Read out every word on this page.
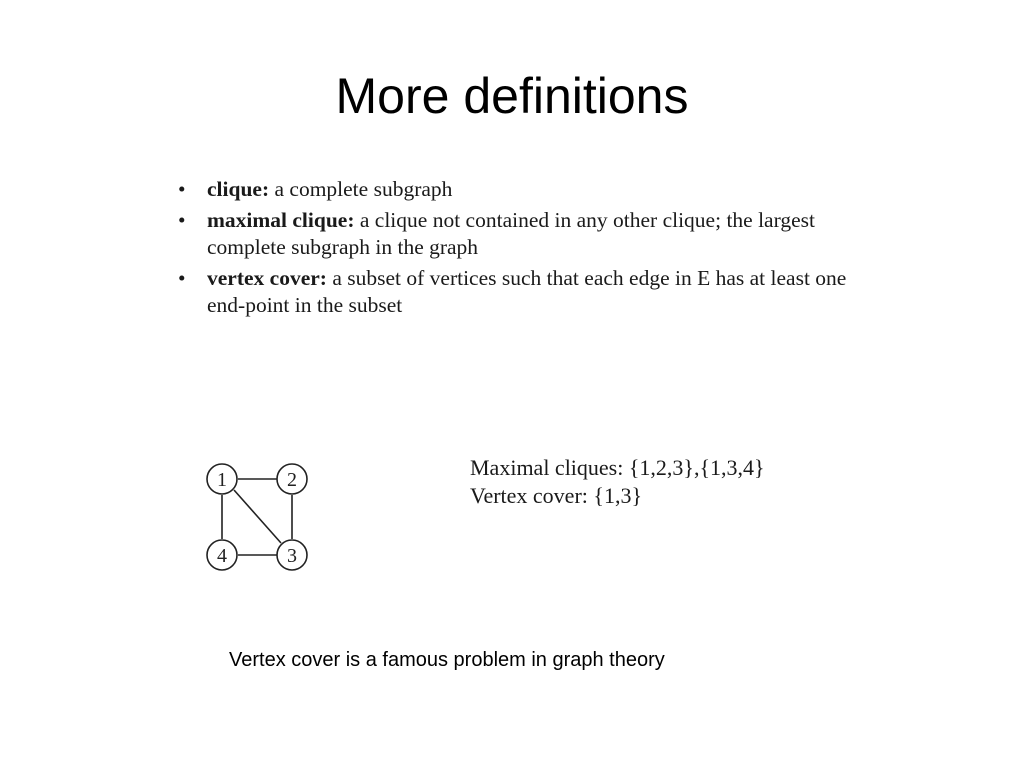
More definitions
• clique: a complete subgraph
• maximal clique: a clique not contained in any other clique; the largest complete subgraph in the graph
• vertex cover: a subset of vertices such that each edge in E has at least one end-point in the subset
1	2
3
4
Maximal cliques: {1,2,3},{1,3,4}
Vertex cover: {1,3}
Vertex cover is a famous problem in graph theory
